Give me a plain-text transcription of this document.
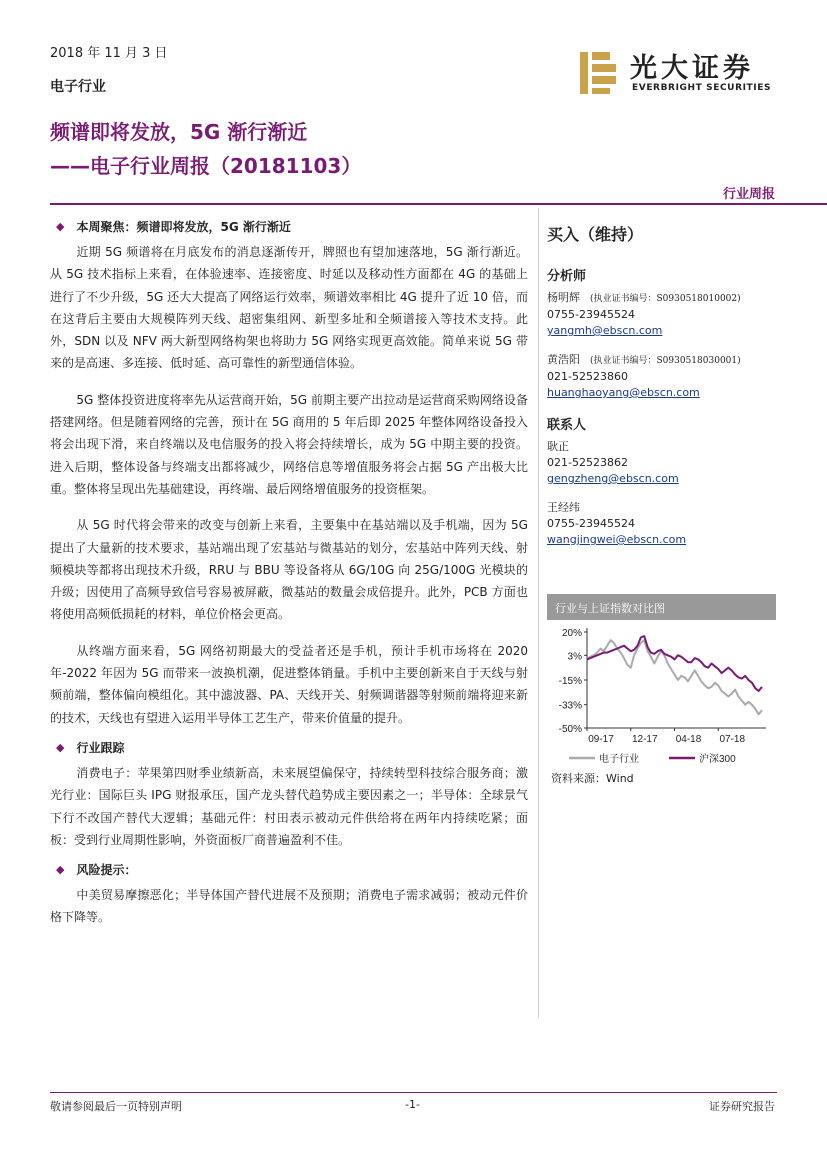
2018 年 11 月 3 日
电子行业
频谱即将发放，5G 渐行渐近
——电子行业周报（20181103）
光大证券
EVERBRIGHT SECURITIES
行业周报
◆ 本周聚焦：频谱即将发放，5G 渐行渐近

近期 5G 频谱将在月底发布的消息逐渐传开，牌照也有望加速落地，5G 渐行渐近。从 5G 技术指标上来看，在体验速率、连接密度、时延以及移动性方面都在 4G 的基础上进行了不少升级，5G 还大大提高了网络运行效率，频谱效率相比 4G 提升了近 10 倍，而在这背后主要由大规模阵列天线、超密集组网、新型多址和全频谱接入等技术支持。此外，SDN 以及 NFV 两大新型网络构架也将助力 5G 网络实现更高效能。简单来说 5G 带来的是高速、多连接、低时延、高可靠性的新型通信体验。

5G 整体投资进度将率先从运营商开始，5G 前期主要产出拉动是运营商采购网络设备搭建网络。但是随着网络的完善，预计在 5G 商用的 5 年后即 2025 年整体网络设备投入将会出现下滑，来自终端以及电信服务的投入将会持续增长，成为 5G 中期主要的投资。进入后期，整体设备与终端支出都将减少，网络信息等增值服务将会占据 5G 产出极大比重。整体将呈现出先基础建设，再终端、最后网络增值服务的投资框架。

从 5G 时代将会带来的改变与创新上来看，主要集中在基站端以及手机端，因为 5G 提出了大量新的技术要求，基站端出现了宏基站与微基站的划分，宏基站中阵列天线、射频模块等都将出现技术升级，RRU 与 BBU 等设备将从 6G/10G 向 25G/100G 光模块的升级；因使用了高频导致信号容易被屏蔽，微基站的数量会成倍提升。此外，PCB 方面也将使用高频低损耗的材料，单位价格会更高。

从终端方面来看，5G 网络初期最大的受益者还是手机，预计手机市场将在 2020 年-2022 年因为 5G 而带来一波换机潮，促进整体销量。手机中主要创新来自于天线与射频前端，整体偏向模组化。其中滤波器、PA、天线开关、射频调谐器等射频前端将迎来新的技术，天线也有望进入运用半导体工艺生产，带来价值量的提升。

◆ 行业跟踪

消费电子：苹果第四财季业绩新高，未来展望偏保守，持续转型科技综合服务商；激光行业：国际巨头 IPG 财报承压，国产龙头替代趋势成主要因素之一；半导体：全球景气下行不改国产替代大逻辑；基础元件：村田表示被动元件供给将在两年内持续吃紧；面板：受到行业周期性影响，外资面板厂商普遍盈利不佳。

◆ 风险提示：

中美贸易摩擦恶化；半导体国产替代进展不及预期；消费电子需求减弱；被动元件价格下降等。

买入（维持）
分析师
杨明辉 (执业证书编号：S0930518010002)
0755-23945524
yangmh@ebscn.com
黄浩阳 (执业证书编号：S0930518030001)
021-52523860
huanghaoyang@ebscn.com
联系人
耿正
021-52523862
gengzheng@ebscn.com
王经纬
0755-23945524
wangjingwei@ebscn.com
行业与上证指数对比图
20%
3%
-15%
-33%
-50%
09-17 12-17 04-18 07-18
电子行业	沪深300
资料来源：Wind
敬请参阅最后一页特别声明	-1-	证券研究报告
